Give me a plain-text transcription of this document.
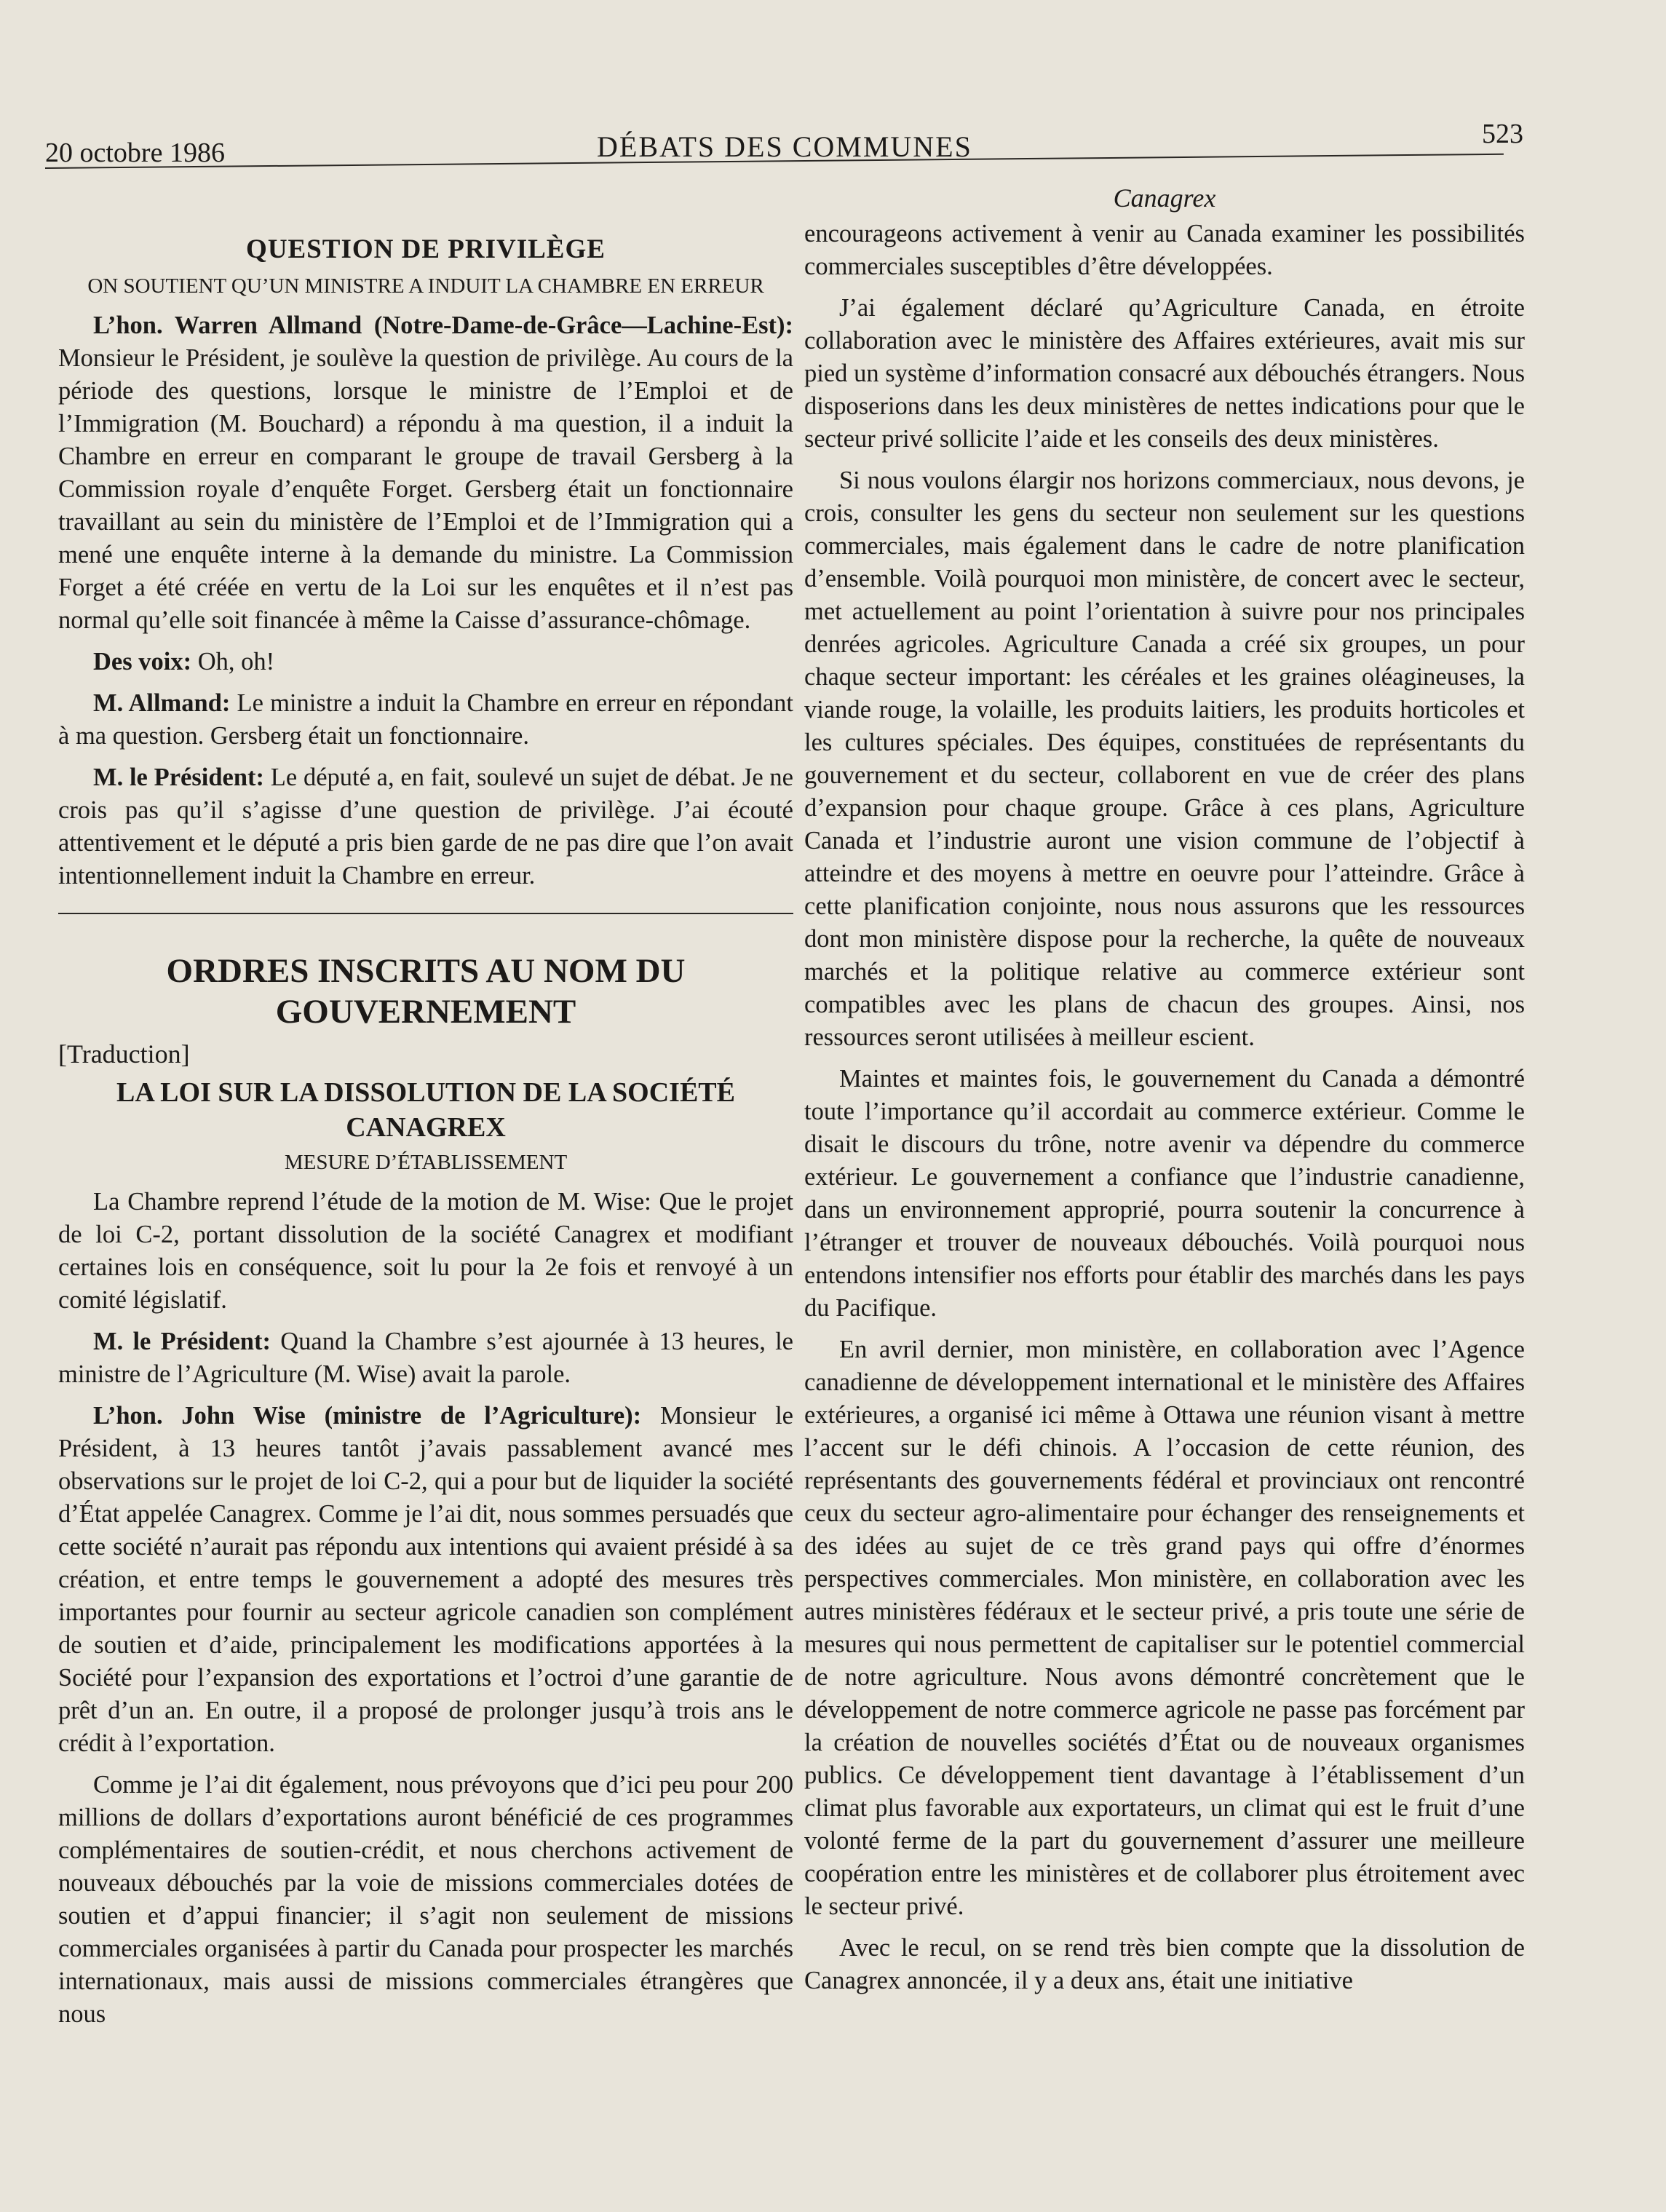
20 octobre 1986	DÉBATS DES COMMUNES	523
QUESTION DE PRIVILÈGE
ON SOUTIENT QU’UN MINISTRE A INDUIT LA CHAMBRE EN ERREUR

L’hon. Warren Allmand (Notre-Dame-de-Grâce—Lachine-Est): Monsieur le Président, je soulève la question de privilège. Au cours de la période des questions, lorsque le ministre de l’Emploi et de l’Immigration (M. Bouchard) a répondu à ma question, il a induit la Chambre en erreur en comparant le groupe de travail Gersberg à la Commission royale d’enquête Forget. Gersberg était un fonctionnaire travaillant au sein du ministère de l’Emploi et de l’Immigration qui a mené une enquête interne à la demande du ministre. La Commission Forget a été créée en vertu de la Loi sur les enquêtes et il n’est pas normal qu’elle soit financée à même la Caisse d’assurance-chômage.

Des voix: Oh, oh!

M. Allmand: Le ministre a induit la Chambre en erreur en répondant à ma question. Gersberg était un fonctionnaire.

M. le Président: Le député a, en fait, soulevé un sujet de débat. Je ne crois pas qu’il s’agisse d’une question de privilège. J’ai écouté attentivement et le député a pris bien garde de ne pas dire que l’on avait intentionnellement induit la Chambre en erreur.

ORDRES INSCRITS AU NOM DU GOUVERNEMENT
[Traduction]
LA LOI SUR LA DISSOLUTION DE LA SOCIÉTÉ CANAGREX
MESURE D’ÉTABLISSEMENT

La Chambre reprend l’étude de la motion de M. Wise: Que le projet de loi C-2, portant dissolution de la société Canagrex et modifiant certaines lois en conséquence, soit lu pour la 2e fois et renvoyé à un comité législatif.

M. le Président: Quand la Chambre s’est ajournée à 13 heures, le ministre de l’Agriculture (M. Wise) avait la parole.

L’hon. John Wise (ministre de l’Agriculture): Monsieur le Président, à 13 heures tantôt j’avais passablement avancé mes observations sur le projet de loi C-2, qui a pour but de liquider la société d’État appelée Canagrex. Comme je l’ai dit, nous sommes persuadés que cette société n’aurait pas répondu aux intentions qui avaient présidé à sa création, et entre temps le gouvernement a adopté des mesures très importantes pour fournir au secteur agricole canadien son complément de soutien et d’aide, principalement les modifications apportées à la Société pour l’expansion des exportations et l’octroi d’une garantie de prêt d’un an. En outre, il a proposé de prolonger jusqu’à trois ans le crédit à l’exportation.

Comme je l’ai dit également, nous prévoyons que d’ici peu pour 200 millions de dollars d’exportations auront bénéficié de ces programmes complémentaires de soutien-crédit, et nous cherchons activement de nouveaux débouchés par la voie de missions commerciales dotées de soutien et d’appui financier; il s’agit non seulement de missions commerciales organisées à partir du Canada pour prospecter les marchés internationaux, mais aussi de missions commerciales étrangères que nous

Canagrex

encourageons activement à venir au Canada examiner les possibilités commerciales susceptibles d’être développées.

J’ai également déclaré qu’Agriculture Canada, en étroite collaboration avec le ministère des Affaires extérieures, avait mis sur pied un système d’information consacré aux débouchés étrangers. Nous disposerions dans les deux ministères de nettes indications pour que le secteur privé sollicite l’aide et les conseils des deux ministères.

Si nous voulons élargir nos horizons commerciaux, nous devons, je crois, consulter les gens du secteur non seulement sur les questions commerciales, mais également dans le cadre de notre planification d’ensemble. Voilà pourquoi mon ministère, de concert avec le secteur, met actuellement au point l’orientation à suivre pour nos principales denrées agricoles. Agriculture Canada a créé six groupes, un pour chaque secteur important: les céréales et les graines oléagineuses, la viande rouge, la volaille, les produits laitiers, les produits horticoles et les cultures spéciales. Des équipes, constituées de représentants du gouvernement et du secteur, collaborent en vue de créer des plans d’expansion pour chaque groupe. Grâce à ces plans, Agriculture Canada et l’industrie auront une vision commune de l’objectif à atteindre et des moyens à mettre en oeuvre pour l’atteindre. Grâce à cette planification conjointe, nous nous assurons que les ressources dont mon ministère dispose pour la recherche, la quête de nouveaux marchés et la politique relative au commerce extérieur sont compatibles avec les plans de chacun des groupes. Ainsi, nos ressources seront utilisées à meilleur escient.

Maintes et maintes fois, le gouvernement du Canada a démontré toute l’importance qu’il accordait au commerce extérieur. Comme le disait le discours du trône, notre avenir va dépendre du commerce extérieur. Le gouvernement a confiance que l’industrie canadienne, dans un environnement approprié, pourra soutenir la concurrence à l’étranger et trouver de nouveaux débouchés. Voilà pourquoi nous entendons intensifier nos efforts pour établir des marchés dans les pays du Pacifique.

En avril dernier, mon ministère, en collaboration avec l’Agence canadienne de développement international et le ministère des Affaires extérieures, a organisé ici même à Ottawa une réunion visant à mettre l’accent sur le défi chinois. A l’occasion de cette réunion, des représentants des gouvernements fédéral et provinciaux ont rencontré ceux du secteur agro-alimentaire pour échanger des renseignements et des idées au sujet de ce très grand pays qui offre d’énormes perspectives commerciales. Mon ministère, en collaboration avec les autres ministères fédéraux et le secteur privé, a pris toute une série de mesures qui nous permettent de capitaliser sur le potentiel commercial de notre agriculture. Nous avons démontré concrètement que le développement de notre commerce agricole ne passe pas forcément par la création de nouvelles sociétés d’État ou de nouveaux organismes publics. Ce développement tient davantage à l’établissement d’un climat plus favorable aux exportateurs, un climat qui est le fruit d’une volonté ferme de la part du gouvernement d’assurer une meilleure coopération entre les ministères et de collaborer plus étroitement avec le secteur privé.

Avec le recul, on se rend très bien compte que la dissolution de Canagrex annoncée, il y a deux ans, était une initiative
